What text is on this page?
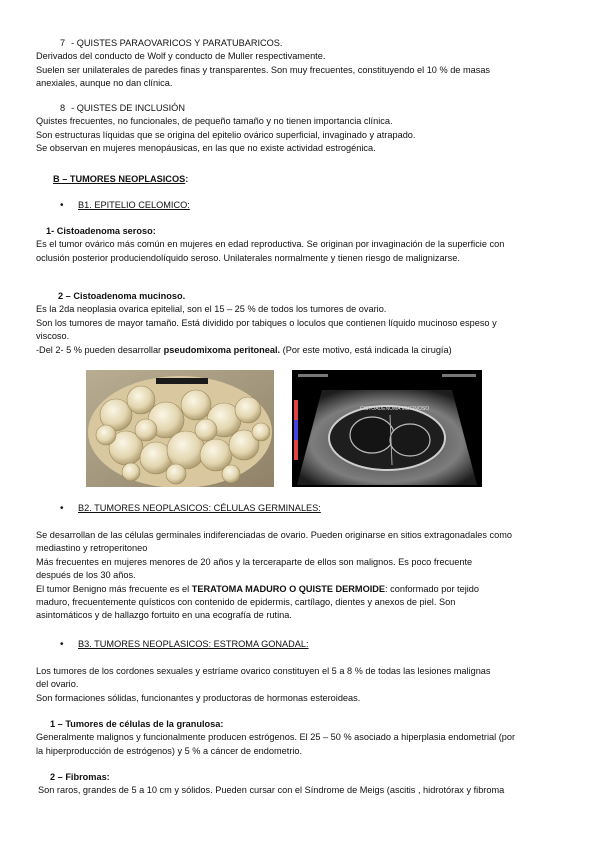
7 - QUISTES PARAOVARICOS Y PARATUBARICOS.

Derivados del conducto de Wolf y conducto de Muller respectivamente.

Suelen ser unilaterales de paredes finas y transparentes. Son muy frecuentes, constituyendo el 10 % de masas

anexiales, aunque no dan clínica.

8 - QUISTES DE INCLUSIÓN

Quistes frecuentes, no funcionales, de pequeño tamaño y no tienen importancia clínica.

Son estructuras líquidas que se origina del epitelio ovárico superficial, invaginado y atrapado.

Se observan en mujeres menopáusicas, en las que no existe actividad estrogénica.

B – TUMORES NEOPLASICOS:

• B1. EPITELIO CELOMICO:

1- Cistoadenoma seroso:

Es el tumor ovárico más común en mujeres en edad reproductiva. Se originan por invaginación de la superficie con

oclusión posterior produciendolíquido seroso. Unilaterales normalmente y tienen riesgo de malignizarse.

2 – Cistoadenoma mucinoso.

Es la 2da neoplasia ovarica epitelial, son el 15 – 25 % de todos los tumores de ovario.

Son los tumores de mayor tamaño. Está dividido por tabiques o loculos que contienen líquido mucinoso espeso y

viscoso.

-Del 2- 5 % pueden desarrollar pseudomixoma peritoneal. (Por este motivo, está indicada la cirugía)

CISTOADENOMA MUCINOSO
• B2. TUMORES NEOPLASICOS: CÉLULAS GERMINALES:

Se desarrollan de las células germinales indiferenciadas de ovario. Pueden originarse en sitios extragonadales como

mediastino y retroperitoneo

Más frecuentes en mujeres menores de 20 años y la terceraparte de ellos son malignos. Es poco frecuente

después de los 30 años.

El tumor Benigno más frecuente es el TERATOMA MADURO O QUISTE DERMOIDE: conformado por tejido

maduro, frecuentemente quísticos con contenido de epidermis, cartílago, dientes y anexos de piel. Son

asintomáticos y de hallazgo fortuito en una ecografía de rutina.

• B3. TUMORES NEOPLASICOS: ESTROMA GONADAL:

Los tumores de los cordones sexuales y estríame ovarico constituyen el 5 a 8 % de todas las lesiones malignas

del ovario.

Son formaciones sólidas, funcionantes y productoras de hormonas esteroideas.

1 – Tumores de células de la granulosa:

Generalmente malignos y funcionalmente producen estrógenos. El 25 – 50 % asociado a hiperplasia endometrial (por

la hiperproducción de estrógenos) y 5 % a cáncer de endometrio.

2 – Fibromas:

Son raros, grandes de 5 a 10 cm y sólidos. Pueden cursar con el Síndrome de Meigs (ascitis , hidrotórax y fibroma
